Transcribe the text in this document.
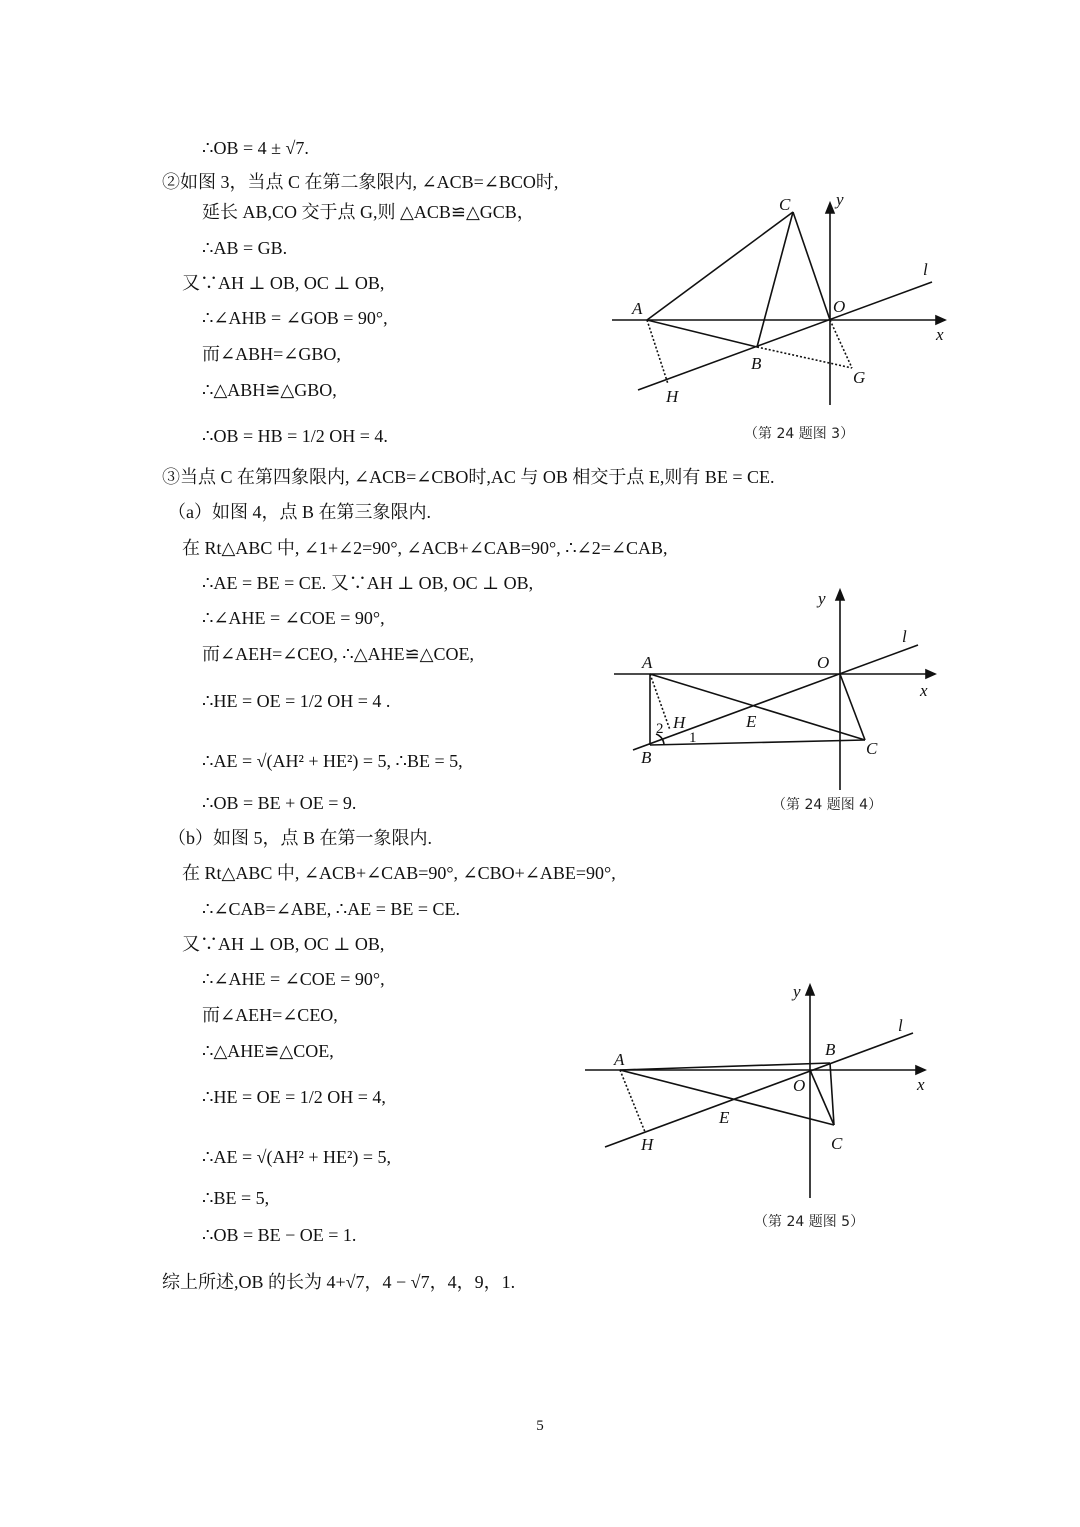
∴OB = 4 ± √7.
②如图 3，当点 C 在第二象限内, ∠ACB=∠BCO时,
延长 AB,CO 交于点 G,则 △ACB≌△GCB，
∴AB = GB.
又∵AH ⊥ OB, OC ⊥ OB,
∴∠AHB = ∠GOB = 90°,
而∠ABH=∠GBO,
∴△ABH≌△GBO,
∴OB = HB = 1/2 OH = 4.
③当点 C 在第四象限内, ∠ACB=∠CBO时,AC 与 OB 相交于点 E,则有 BE = CE.
（a）如图 4，点 B 在第三象限内.
在 Rt△ABC 中, ∠1+∠2=90°, ∠ACB+∠CAB=90°, ∴∠2=∠CAB,
∴AE = BE = CE. 又∵AH ⊥ OB, OC ⊥ OB,
∴∠AHE = ∠COE = 90°,
而∠AEH=∠CEO, ∴△AHE≌△COE,
∴HE = OE = 1/2 OH = 4 .
∴AE = √(AH² + HE²) = 5, ∴BE = 5,
∴OB = BE + OE = 9.
（b）如图 5，点 B 在第一象限内.
在 Rt△ABC 中, ∠ACB+∠CAB=90°, ∠CBO+∠ABE=90°,
∴∠CAB=∠ABE, ∴AE = BE = CE.
又∵AH ⊥ OB, OC ⊥ OB,
∴∠AHE = ∠COE = 90°,
而∠AEH=∠CEO,
∴△AHE≌△COE,
∴HE = OE = 1/2 OH = 4,
∴AE = √(AH² + HE²) = 5,
∴BE = 5,
∴OB = BE − OE = 1.
综上所述,OB 的长为 4+√7，4 − √7，4，9，1.
A
B
C
O
G
H
x
y
l
（第 24 题图 3）
A
B	C
O
E
H
x
y
l
1
2
（第 24 题图 4）
A
B
C
O
E
H
x
y
l
（第 24 题图 5）
5
